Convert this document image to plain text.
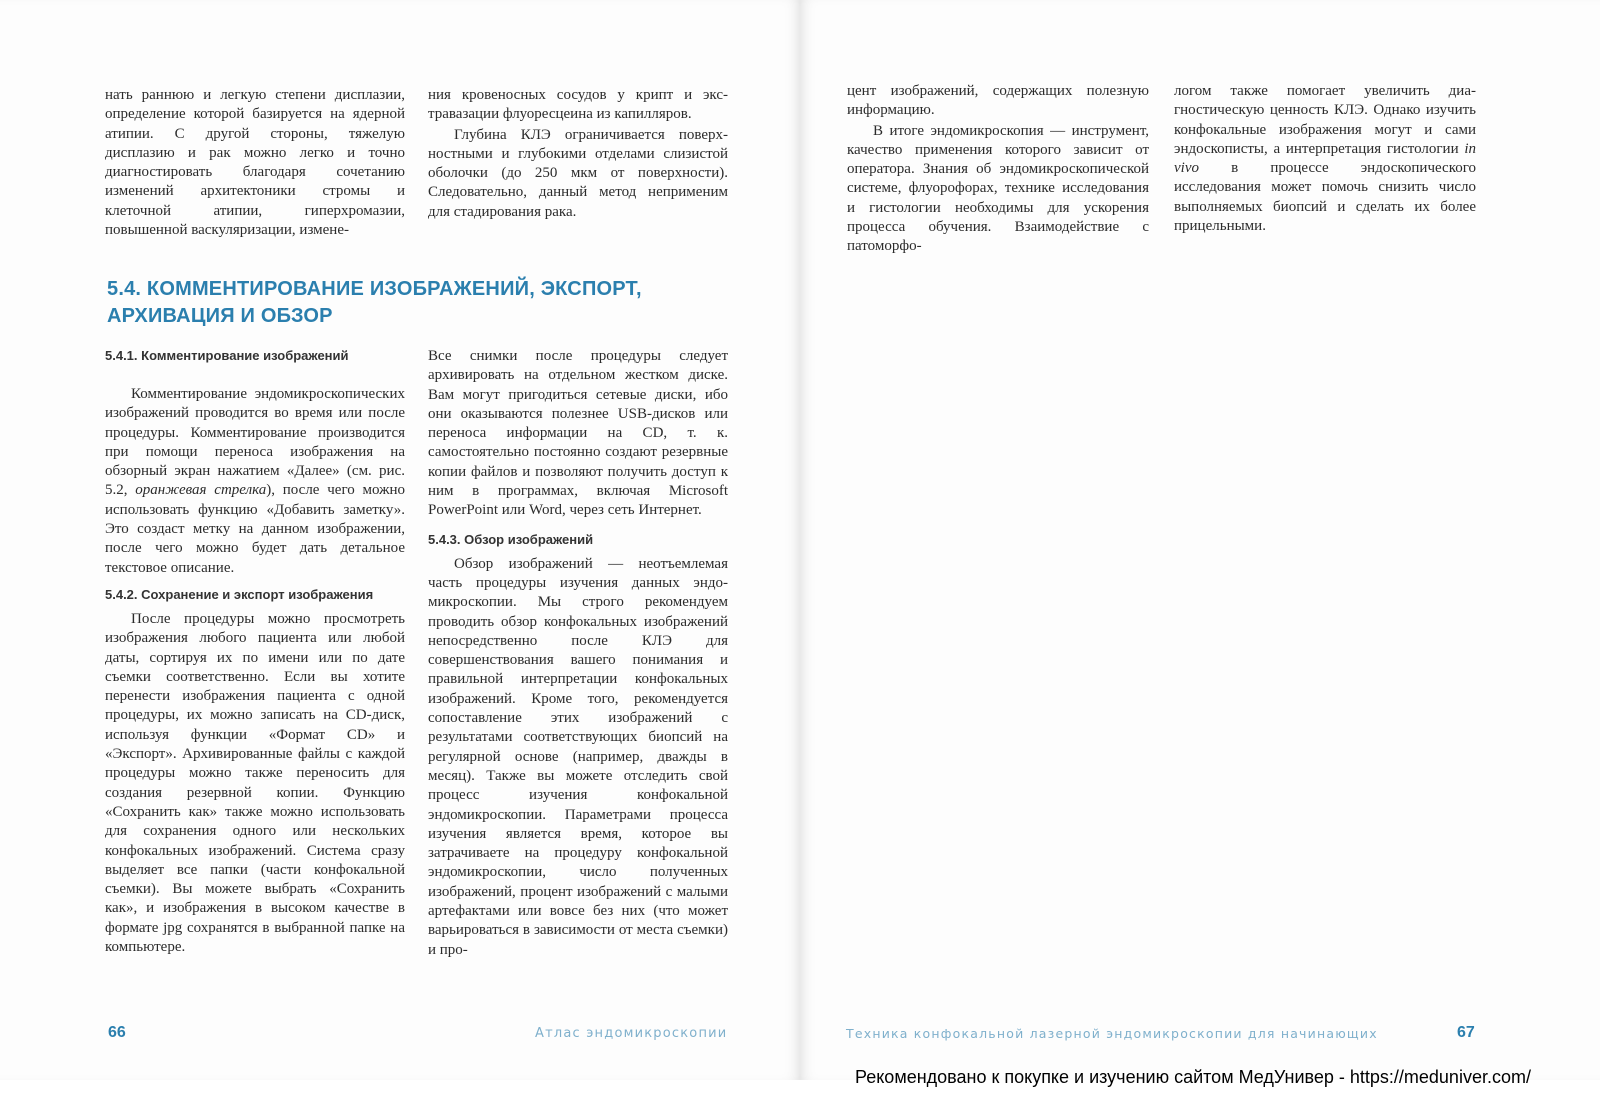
нать раннюю и легкую степени дисплазии, определение которой базируется на ядерной атипии. С другой стороны, тяжелую дисплазию и рак можно легко и точно диагностировать благодаря сочетанию изменений архитектоники стромы и клеточной атипии, гиперхромазии, повышенной васкуляризации, измене-

ния кровеносных сосудов у крипт и экстравазации флуоресцеина из капилляров.

Глубина КЛЭ ограничивается поверхностными и глубокими отделами слизистой оболочки (до 250 мкм от поверхности). Следовательно, данный метод неприменим для стадирования рака.

5.4. КОММЕНТИРОВАНИЕ ИЗОБРАЖЕНИЙ, ЭКСПОРТ, АРХИВАЦИЯ И ОБЗОР

5.4.1. Комментирование изображений

Комментирование эндомикроскопических изображений проводится во время или после процедуры. Комментирование производится при помощи переноса изображения на обзорный экран нажатием «Далее» (см. рис. 5.2, оранжевая стрелка), после чего можно использовать функцию «Добавить заметку». Это создаст метку на данном изображении, после чего можно будет дать детальное текстовое описание.

5.4.2. Сохранение и экспорт изображения

После процедуры можно просмотреть изображения любого пациента или любой даты, сортируя их по имени или по дате съемки соответственно. Если вы хотите перенести изображения пациента с одной процедуры, их можно записать на CD-диск, используя функции «Формат CD» и «Экспорт». Архивированные файлы с каждой процедуры можно также переносить для создания резервной копии. Функцию «Сохранить как» также можно использовать для сохранения одного или нескольких конфокальных изображений. Система сразу выделяет все папки (части конфокальной съемки). Вы можете выбрать «Сохранить как», и изображения в высоком качестве в формате jpg сохранятся в выбранной папке на компьютере.

Все снимки после процедуры следует архивировать на отдельном жестком диске. Вам могут пригодиться сетевые диски, ибо они оказываются полезнее USB-дисков или переноса информации на CD, т. к. самостоятельно постоянно создают резервные копии файлов и позволяют получить доступ к ним в программах, включая Microsoft PowerPoint или Word, через сеть Интернет.

5.4.3. Обзор изображений

Обзор изображений — неотъемлемая часть процедуры изучения данных эндомикроскопии. Мы строго рекомендуем проводить обзор конфокальных изображений непосредственно после КЛЭ для совершенствования вашего понимания и правильной интерпретации конфокальных изображений. Кроме того, рекомендуется сопоставление этих изображений с результатами соответствующих биопсий на регулярной основе (например, дважды в месяц). Также вы можете отследить свой процесс изучения конфокальной эндомикроскопии. Параметрами процесса изучения является время, которое вы затрачиваете на процедуру конфокальной эндомикроскопии, число полученных изображений, процент изображений с малыми артефактами или вовсе без них (что может варьироваться в зависимости от места съемки) и про-

66	Атлас эндомикроскопии

цент изображений, содержащих полезную информацию.

В итоге эндомикроскопия — инструмент, качество применения которого зависит от оператора. Знания об эндомикроскопической системе, флуорофорах, технике исследования и гистологии необходимы для ускорения процесса обучения. Взаимодействие с патоморфо-

логом также помогает увеличить диагностическую ценность КЛЭ. Однако изучить конфокальные изображения могут и сами эндоскописты, а интерпретация гистологии in vivo в процессе эндоскопического исследования может помочь снизить число выполняемых биопсий и сделать их более прицельными.

Техника конфокальной лазерной эндомикроскопии для начинающих	67

Рекомендовано к покупке и изучению сайтом МедУнивер - https://meduniver.com/
